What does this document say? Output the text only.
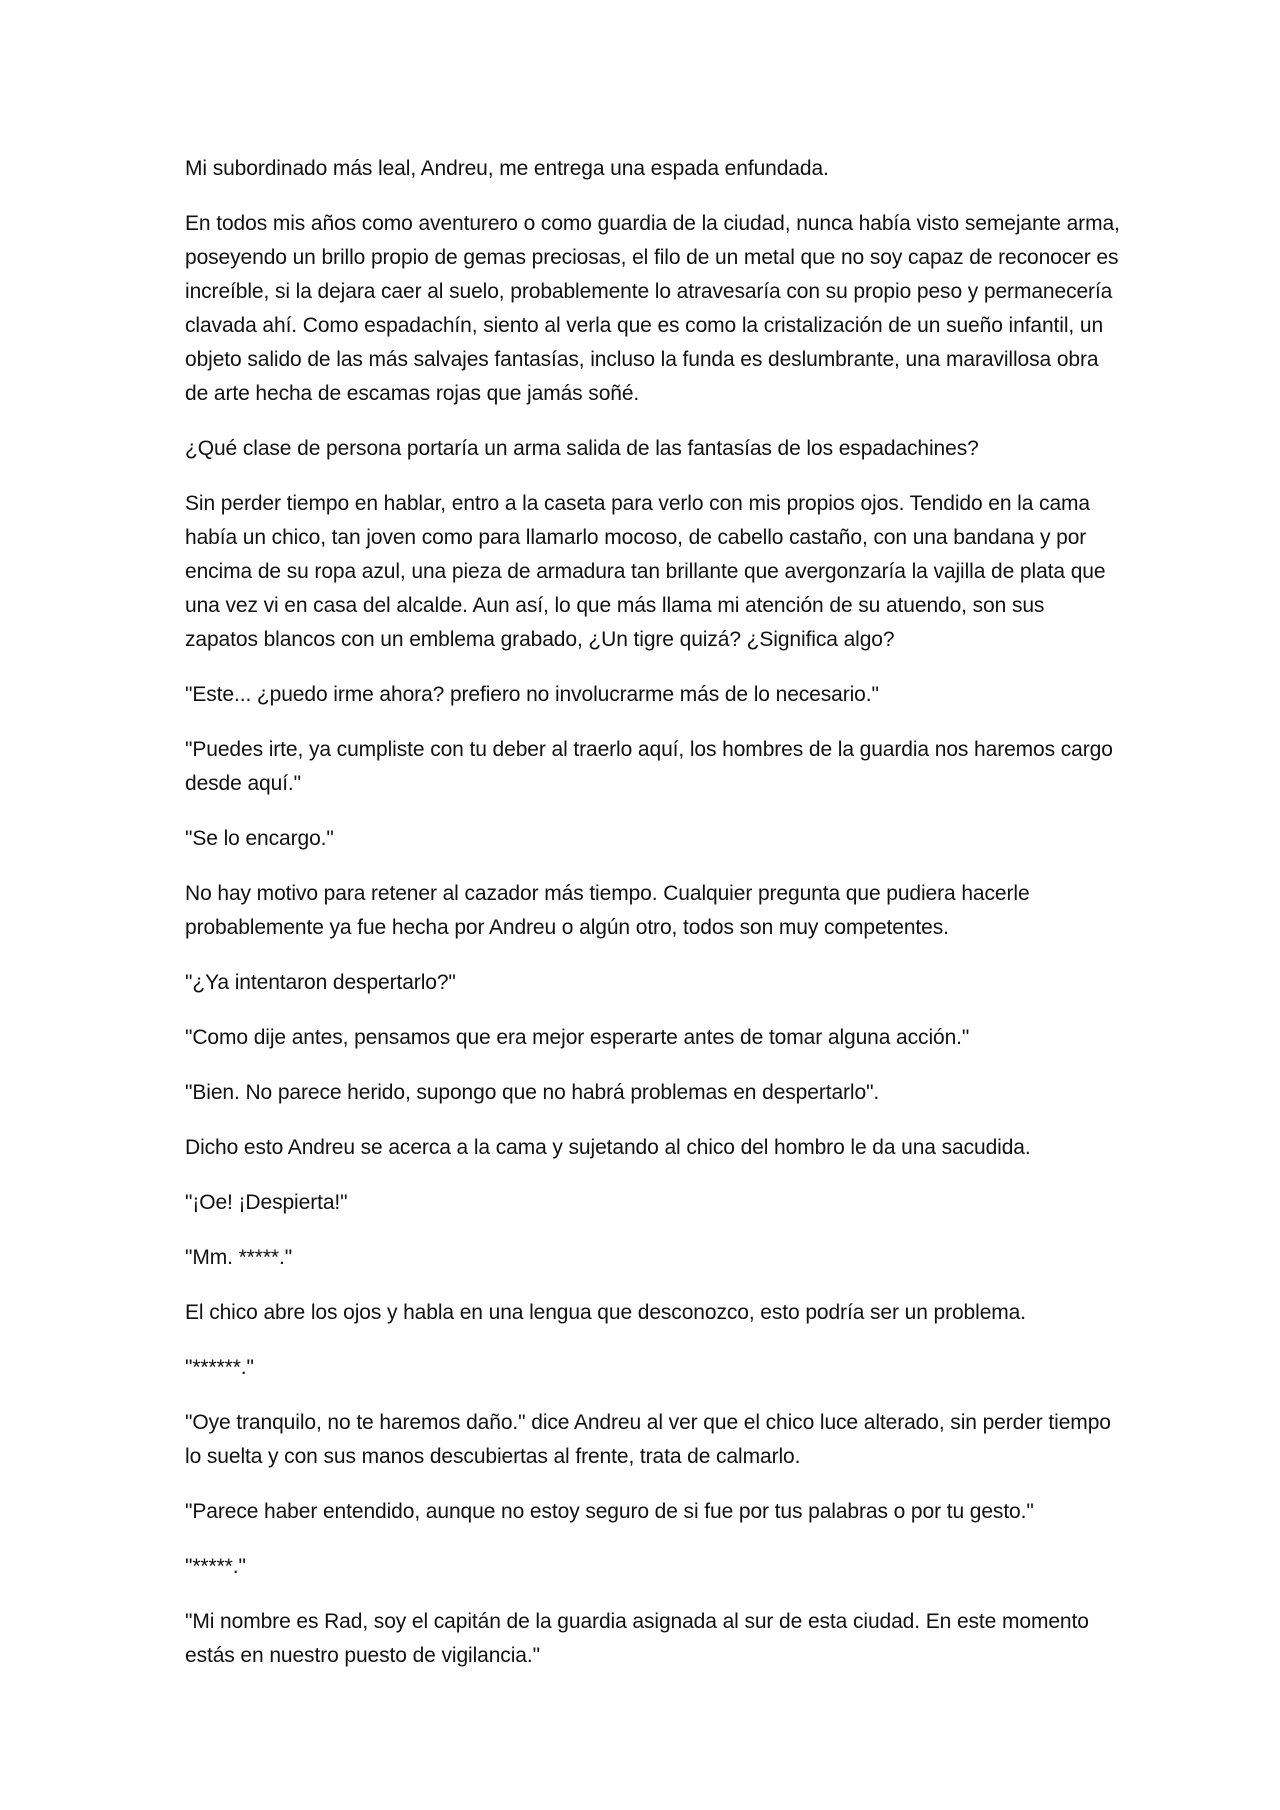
Mi subordinado más leal, Andreu, me entrega una espada enfundada.

En todos mis años como aventurero o como guardia de la ciudad, nunca había visto semejante arma, poseyendo un brillo propio de gemas preciosas, el filo de un metal que no soy capaz de reconocer es increíble, si la dejara caer al suelo, probablemente lo atravesaría con su propio peso y permanecería clavada ahí. Como espadachín, siento al verla que es como la cristalización de un sueño infantil, un objeto salido de las más salvajes fantasías, incluso la funda es deslumbrante, una maravillosa obra de arte hecha de escamas rojas que jamás soñé.

¿Qué clase de persona portaría un arma salida de las fantasías de los espadachines?

Sin perder tiempo en hablar, entro a la caseta para verlo con mis propios ojos. Tendido en la cama había un chico, tan joven como para llamarlo mocoso, de cabello castaño, con una bandana y por encima de su ropa azul, una pieza de armadura tan brillante que avergonzaría la vajilla de plata que una vez vi en casa del alcalde. Aun así, lo que más llama mi atención de su atuendo, son sus zapatos blancos con un emblema grabado, ¿Un tigre quizá? ¿Significa algo?

"Este... ¿puedo irme ahora? prefiero no involucrarme más de lo necesario."

"Puedes irte, ya cumpliste con tu deber al traerlo aquí, los hombres de la guardia nos haremos cargo desde aquí."

"Se lo encargo."

No hay motivo para retener al cazador más tiempo. Cualquier pregunta que pudiera hacerle probablemente ya fue hecha por Andreu o algún otro, todos son muy competentes.

"¿Ya intentaron despertarlo?"

"Como dije antes, pensamos que era mejor esperarte antes de tomar alguna acción."

"Bien. No parece herido, supongo que no habrá problemas en despertarlo".

Dicho esto Andreu se acerca a la cama y sujetando al chico del hombro le da una sacudida.

"¡Oe! ¡Despierta!"

"Mm. *****."

El chico abre los ojos y habla en una lengua que desconozco, esto podría ser un problema.

"******."

"Oye tranquilo, no te haremos daño." dice Andreu al ver que el chico luce alterado, sin perder tiempo lo suelta y con sus manos descubiertas al frente, trata de calmarlo.

"Parece haber entendido, aunque no estoy seguro de si fue por tus palabras o por tu gesto."

"*****."

"Mi nombre es Rad, soy el capitán de la guardia asignada al sur de esta ciudad. En este momento estás en nuestro puesto de vigilancia."
